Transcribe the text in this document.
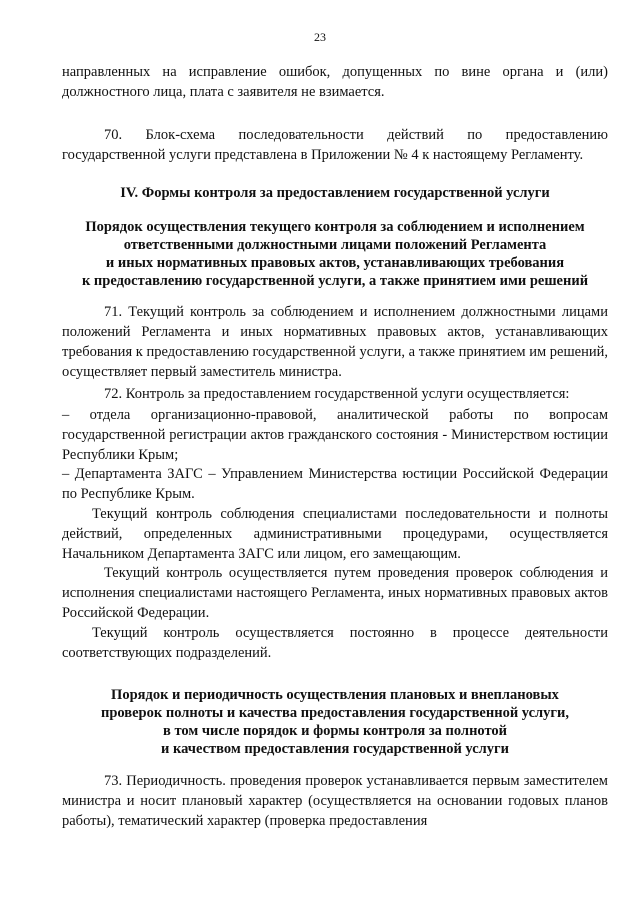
23
направленных на исправление ошибок, допущенных по вине органа и (или) должностного лица, плата с заявителя не взимается.
70. Блок-схема последовательности действий по предоставлению государственной услуги представлена в Приложении № 4 к настоящему Регламенту.
IV. Формы контроля за предоставлением государственной услуги
Порядок осуществления текущего контроля за соблюдением и исполнением
ответственными должностными лицами положений Регламента
и иных нормативных правовых актов, устанавливающих требования
к предоставлению государственной услуги, а также принятием ими решений
71. Текущий контроль за соблюдением и исполнением должностными лицами положений Регламента и иных нормативных правовых актов, устанавливающих требования к предоставлению государственной услуги, а также принятием им решений, осуществляет первый заместитель министра.
72. Контроль за предоставлением государственной услуги осуществляется:
– отдела организационно-правовой, аналитической работы по вопросам государственной регистрации актов гражданского состояния - Министерством юстиции Республики Крым;
– Департамента ЗАГС – Управлением Министерства юстиции Российской Федерации по Республике Крым.
Текущий контроль соблюдения специалистами последовательности и полноты действий, определенных административными процедурами, осуществляется Начальником Департамента ЗАГС или лицом, его замещающим.
Текущий контроль осуществляется путем проведения проверок соблюдения и исполнения специалистами настоящего Регламента, иных нормативных правовых актов Российской Федерации.
Текущий контроль осуществляется постоянно в процессе деятельности соответствующих подразделений.
Порядок и периодичность осуществления плановых и внеплановых
проверок полноты и качества предоставления государственной услуги,
в том числе порядок и формы контроля за полнотой
и качеством предоставления государственной услуги
73. Периодичность. проведения проверок устанавливается первым заместителем министра и носит плановый характер (осуществляется на основании годовых планов работы), тематический характер (проверка предоставления
